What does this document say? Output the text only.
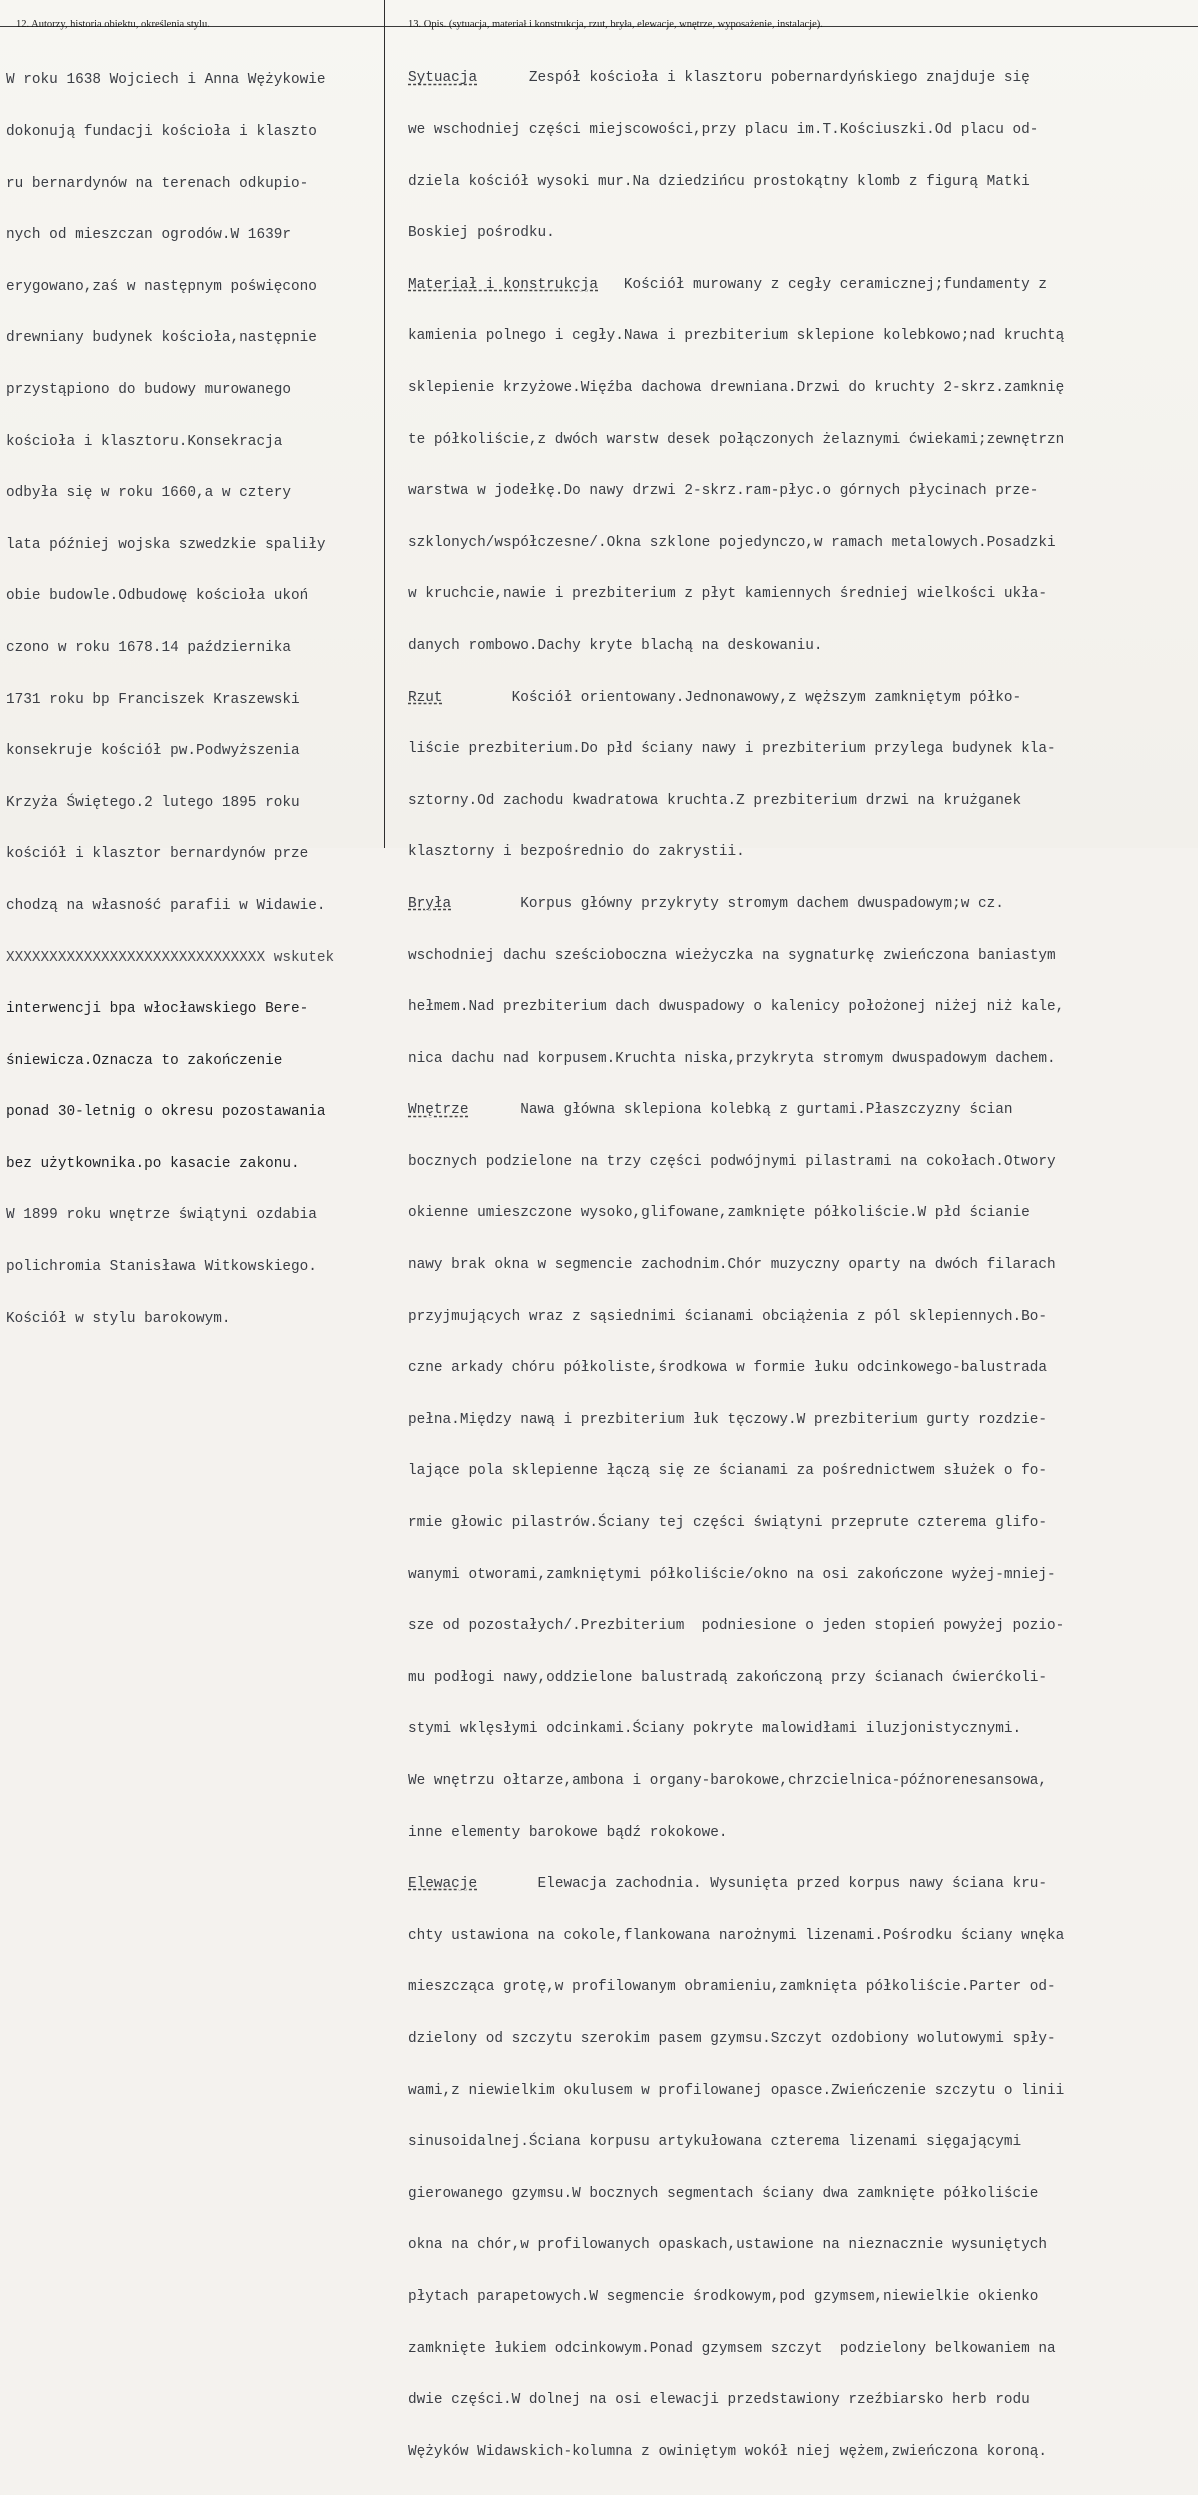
12. Autorzy, historia obiektu, określenia stylu.	13. Opis. (sytuacja, materiał i konstrukcja, rzut, bryła, elewacje, wnętrze, wyposażenie, instalacje).

W roku 1638 Wojciech i Anna Wężykowie

dokonują fundacji kościoła i klaszto

ru bernardynów na terenach odkupio-

nych od mieszczan ogrodów.W 1639r

erygowano,zaś w następnym poświęcono

drewniany budynek kościoła,następnie

przystąpiono do budowy murowanego

kościoła i klasztoru.Konsekracja

odbyła się w roku 1660,a w cztery

lata później wojska szwedzkie spaliły

obie budowle.Odbudowę kościoła ukoń

czono w roku 1678.14 października

1731 roku bp Franciszek Kraszewski

konsekruje kościół pw.Podwyższenia

Krzyża Świętego.2 lutego 1895 roku

kościół i klasztor bernardynów prze

chodzą na własność parafii w Widawie.

XXXXXXXXXXXXXXXXXXXXXXXXXXXXXX wskutek

interwencji bpa włocławskiego Bere-

śniewicza.Oznacza to zakończenie

ponad 30-letnig o okresu pozostawania

bez użytkownika.po kasacie zakonu.

W 1899 roku wnętrze świątyni ozdabia

polichromia Stanisława Witkowskiego.

Kościół w stylu barokowym.

Sytuacja      Zespół kościoła i klasztoru pobernardyńskiego znajduje się

we wschodniej części miejscowości,przy placu im.T.Kościuszki.Od placu od-

dziela kościół wysoki mur.Na dziedzińcu prostokątny klomb z figurą Matki

Boskiej pośrodku.

Materiał i konstrukcja   Kościół murowany z cegły ceramicznej;fundamenty z

kamienia polnego i cegły.Nawa i prezbiterium sklepione kolebkowo;nad kruchtą

sklepienie krzyżowe.Więźba dachowa drewniana.Drzwi do kruchty 2-skrz.zamknię

te półkoliście,z dwóch warstw desek połączonych żelaznymi ćwiekami;zewnętrzn

warstwa w jodełkę.Do nawy drzwi 2-skrz.ram-płyc.o górnych płycinach prze-

szklonych/współczesne/.Okna szklone pojedynczo,w ramach metalowych.Posadzki

w kruchcie,nawie i prezbiterium z płyt kamiennych średniej wielkości ukła-

danych rombowo.Dachy kryte blachą na deskowaniu.

Rzut        Kościół orientowany.Jednonawowy,z węższym zamkniętym półko-

liście prezbiterium.Do płd ściany nawy i prezbiterium przylega budynek kla-

sztorny.Od zachodu kwadratowa kruchta.Z prezbiterium drzwi na krużganek

klasztorny i bezpośrednio do zakrystii.

Bryła        Korpus główny przykryty stromym dachem dwuspadowym;w cz.

wschodniej dachu sześcioboczna wieżyczka na sygnaturkę zwieńczona baniastym

hełmem.Nad prezbiterium dach dwuspadowy o kalenicy położonej niżej niż kale,

nica dachu nad korpusem.Kruchta niska,przykryta stromym dwuspadowym dachem.

Wnętrze      Nawa główna sklepiona kolebką z gurtami.Płaszczyzny ścian

bocznych podzielone na trzy części podwójnymi pilastrami na cokołach.Otwory

okienne umieszczone wysoko,glifowane,zamknięte półkoliście.W płd ścianie

nawy brak okna w segmencie zachodnim.Chór muzyczny oparty na dwóch filarach

przyjmujących wraz z sąsiednimi ścianami obciążenia z pól sklepiennych.Bo-

czne arkady chóru półkoliste,środkowa w formie łuku odcinkowego-balustrada

pełna.Między nawą i prezbiterium łuk tęczowy.W prezbiterium gurty rozdzie-

lające pola sklepienne łączą się ze ścianami za pośrednictwem służek o fo-

rmie głowic pilastrów.Ściany tej części świątyni przeprute czterema glifo-

wanymi otworami,zamkniętymi półkoliście/okno na osi zakończone wyżej-mniej-

sze od pozostałych/.Prezbiterium  podniesione o jeden stopień powyżej pozio-

mu podłogi nawy,oddzielone balustradą zakończoną przy ścianach ćwierćkoli-

stymi wklęsłymi odcinkami.Ściany pokryte malowidłami iluzjonistycznymi.

We wnętrzu ołtarze,ambona i organy-barokowe,chrzcielnica-późnorenesansowa,

inne elementy barokowe bądź rokokowe.

Elewacje       Elewacja zachodnia. Wysunięta przed korpus nawy ściana kru-

chty ustawiona na cokole,flankowana narożnymi lizenami.Pośrodku ściany wnęka

mieszcząca grotę,w profilowanym obramieniu,zamknięta półkoliście.Parter od-

dzielony od szczytu szerokim pasem gzymsu.Szczyt ozdobiony wolutowymi spły-

wami,z niewielkim okulusem w profilowanej opasce.Zwieńczenie szczytu o linii

sinusoidalnej.Ściana korpusu artykułowana czterema lizenami sięgającymi

gierowanego gzymsu.W bocznych segmentach ściany dwa zamknięte półkoliście

okna na chór,w profilowanych opaskach,ustawione na nieznacznie wysuniętych

płytach parapetowych.W segmencie środkowym,pod gzymsem,niewielkie okienko

zamknięte łukiem odcinkowym.Ponad gzymsem szczyt  podzielony belkowaniem na

dwie części.W dolnej na osi elewacji przedstawiony rzeźbiarsko herb rodu

Wężyków Widawskich-kolumna z owiniętym wokół niej wężem,zwieńczona koroną.
